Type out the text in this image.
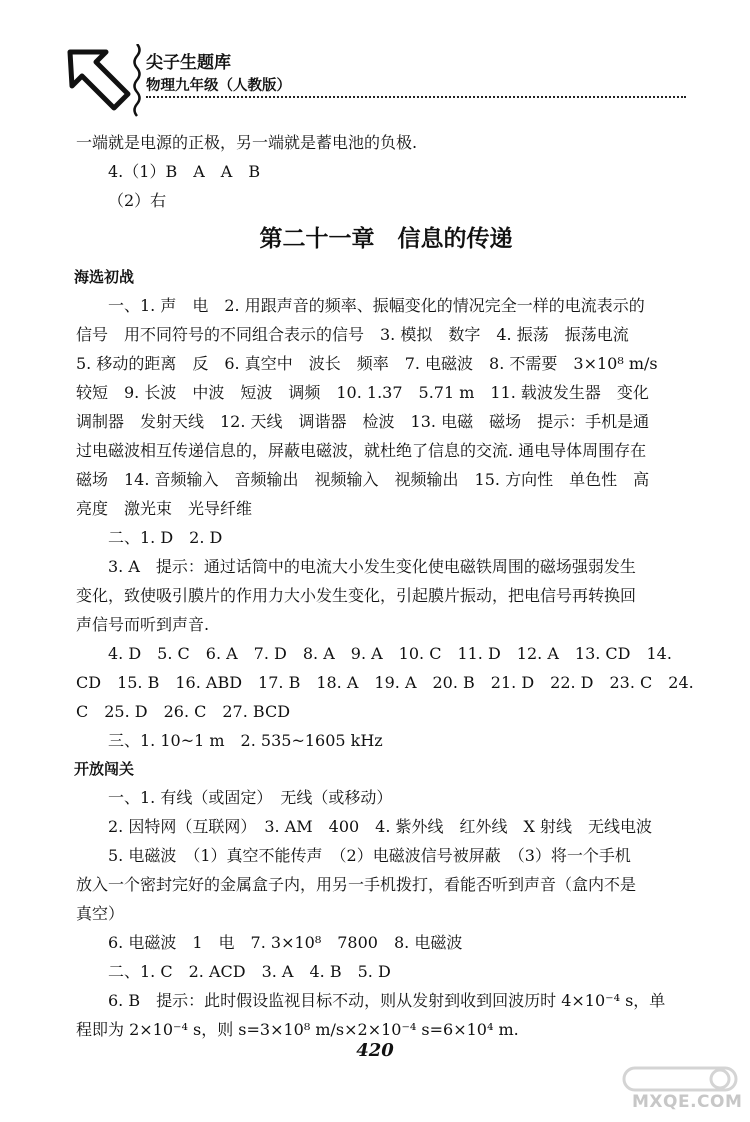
尖子生题库
物理九年级（人教版）

一端就是电源的正极，另一端就是蓄电池的负极.

4.（1）B　A　A　B

（2）右

第二十一章　信息的传递
海选初战

一、1. 声　电　2. 用跟声音的频率、振幅变化的情况完全一样的电流表示的

信号　用不同符号的不同组合表示的信号　3. 模拟　数字　4. 振荡　振荡电流

5. 移动的距离　反　6. 真空中　波长　频率　7. 电磁波　8. 不需要　3×10⁸ m/s

较短　9. 长波　中波　短波　调频　10. 1.37　5.71 m　11. 载波发生器　变化

调制器　发射天线　12. 天线　调谐器　检波　13. 电磁　磁场　提示：手机是通

过电磁波相互传递信息的，屏蔽电磁波，就杜绝了信息的交流. 通电导体周围存在

磁场　14. 音频输入　音频输出　视频输入　视频输出　15. 方向性　单色性　高

亮度　激光束　光导纤维

二、1. D　2. D

3. A　提示：通过话筒中的电流大小发生变化使电磁铁周围的磁场强弱发生

变化，致使吸引膜片的作用力大小发生变化，引起膜片振动，把电信号再转换回

声信号而听到声音.

4. D　5. C　6. A　7. D　8. A　9. A　10. C　11. D　12. A　13. CD　14.

CD　15. B　16. ABD　17. B　18. A　19. A　20. B　21. D　22. D　23. C　24.

C　25. D　26. C　27. BCD

三、1. 10~1 m　2. 535~1605 kHz

开放闯关

一、1. 有线（或固定）　无线（或移动）

2. 因特网（互联网）　3. AM　400　4. 紫外线　红外线　X 射线　无线电波

5. 电磁波　（1）真空不能传声　（2）电磁波信号被屏蔽　（3）将一个手机

放入一个密封完好的金属盒子内，用另一手机拨打，看能否听到声音（盒内不是

真空）

6. 电磁波　1　电　7. 3×10⁸　7800　8. 电磁波

二、1. C　2. ACD　3. A　4. B　5. D

6. B　提示：此时假设监视目标不动，则从发射到收到回波历时 4×10⁻⁴ s，单

程即为 2×10⁻⁴ s，则 s=3×10⁸ m/s×2×10⁻⁴ s=6×10⁴ m.

420
MXQE.COM
